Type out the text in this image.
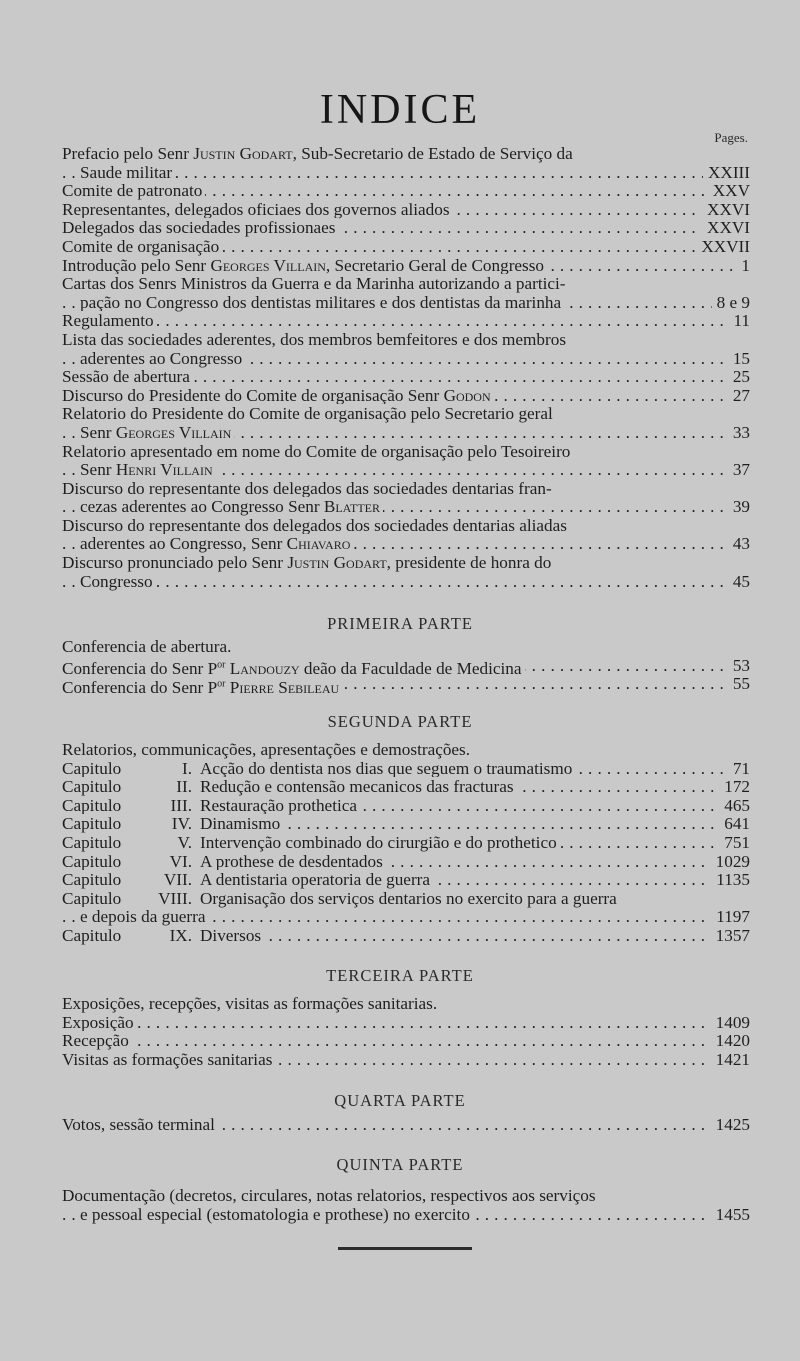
INDICE
Pages.
Prefacio pelo Senr Justin Godart, Sub-Secretario de Estado de Serviço da
. . . Saude militar	XXIII
. . . Comite de patronato	XXV
. . . Representantes, delegados oficiaes dos governos aliados	XXVI
. . . Delegados das sociedades profissionaes	XXVI
. . . Comite de organisação	XXVII
. . . Introdução pelo Senr Georges Villain, Secretario Geral de Congresso	1
Cartas dos Senrs Ministros da Guerra e da Marinha autorizando a partici-
. . . pação no Congresso dos dentistas militares e dos dentistas da marinha	8 e 9
. . . Regulamento	11
Lista das sociedades aderentes, dos membros bemfeitores e dos membros
. . . aderentes ao Congresso	15
. . . Sessão de abertura	25
. . . Discurso do Presidente do Comite de organisação Senr Godon	27
Relatorio do Presidente do Comite de organisação pelo Secretario geral
. . . Senr Georges Villain	33
Relatorio apresentado em nome do Comite de organisação pelo Tesoireiro
. . . Senr Henri Villain	37
Discurso do representante dos delegados das sociedades dentarias fran-
. . . cezas aderentes ao Congresso Senr Blatter	39
Discurso do representante dos delegados dos sociedades dentarias aliadas
. . . aderentes ao Congresso, Senr Chiavaro	43
Discurso pronunciado pelo Senr Justin Godart, presidente de honra do
. . . Congresso	45
PRIMEIRA PARTE
Conferencia de abertura.
. . . Conferencia do Senr $P^{or}$ Landouzy deão da Faculdade de Medicina	53
. . . Conferencia do Senr $P^{or}$ Pierre Sebileau	55
SEGUNDA PARTE
Relatorios, communicações, apresentações e demostrações.
. . . Capitulo	I. Acção do dentista nos dias que seguem o traumatismo	71
. . . Capitulo	II. Redução e contensão mecanicos das fracturas	172
. . . Capitulo	III. Restauração prothetica	465
. . . Capitulo	IV. Dinamismo	641
. . . Capitulo	V. Intervenção combinado do cirurgião e do prothetico	751
. . . Capitulo	VI. A prothese de desdentados	1029
. . . Capitulo VII. A dentistaria operatoria de guerra	1135
Capitulo VIII. Organisação dos serviços dentarios no exercito para a guerra
. . . e depois da guerra	1197
. . . Capitulo	IX. Diversos	1357
TERCEIRA PARTE
Exposições, recepções, visitas as formações sanitarias.
. . . Exposição	1409
. . . Recepção	1420
. . . Visitas as formações sanitarias	1421
QUARTA PARTE
. . . Votos, sessão terminal	1425
QUINTA PARTE
Documentação (decretos, circulares, notas relatorios, respectivos aos serviços
. . . e pessoal especial (estomatologia e prothese) no exercito	1455
